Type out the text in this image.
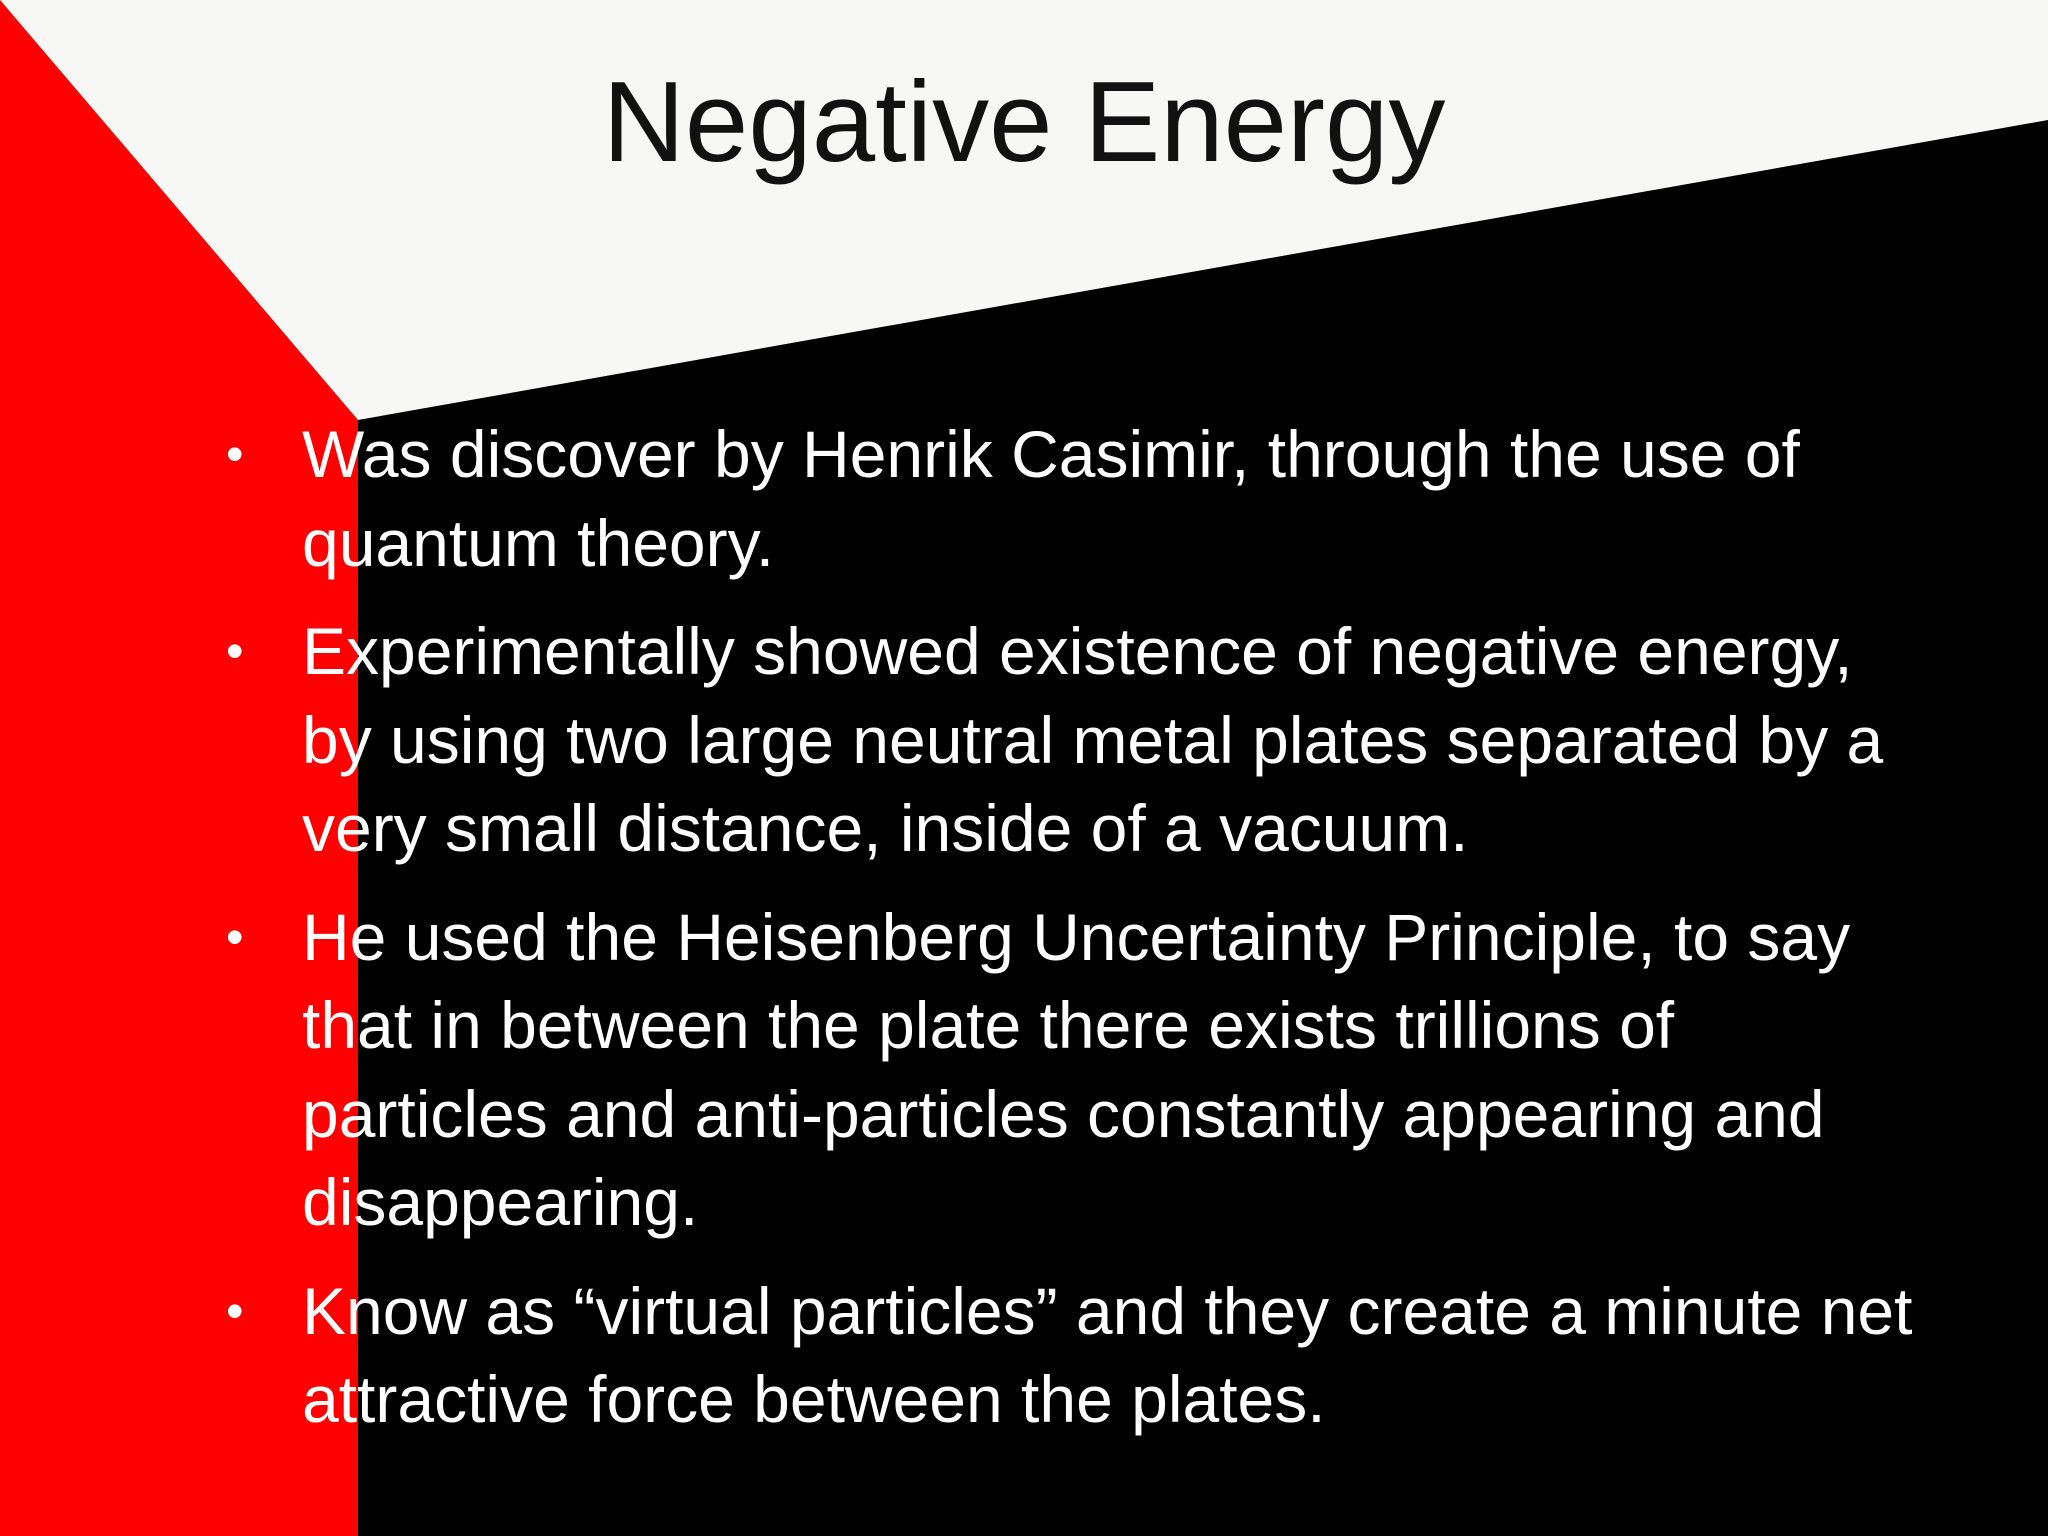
Negative Energy
• Was discover by Henrik Casimir, through the use of quantum theory.
• Experimentally showed existence of negative energy, by using two large neutral metal plates separated by a very small distance, inside of a vacuum.
• He used the Heisenberg Uncertainty Principle, to say that in between the plate there exists trillions of particles and anti-particles constantly appearing and disappearing.
• Know as “virtual particles” and they create a minute net attractive force between the plates.
